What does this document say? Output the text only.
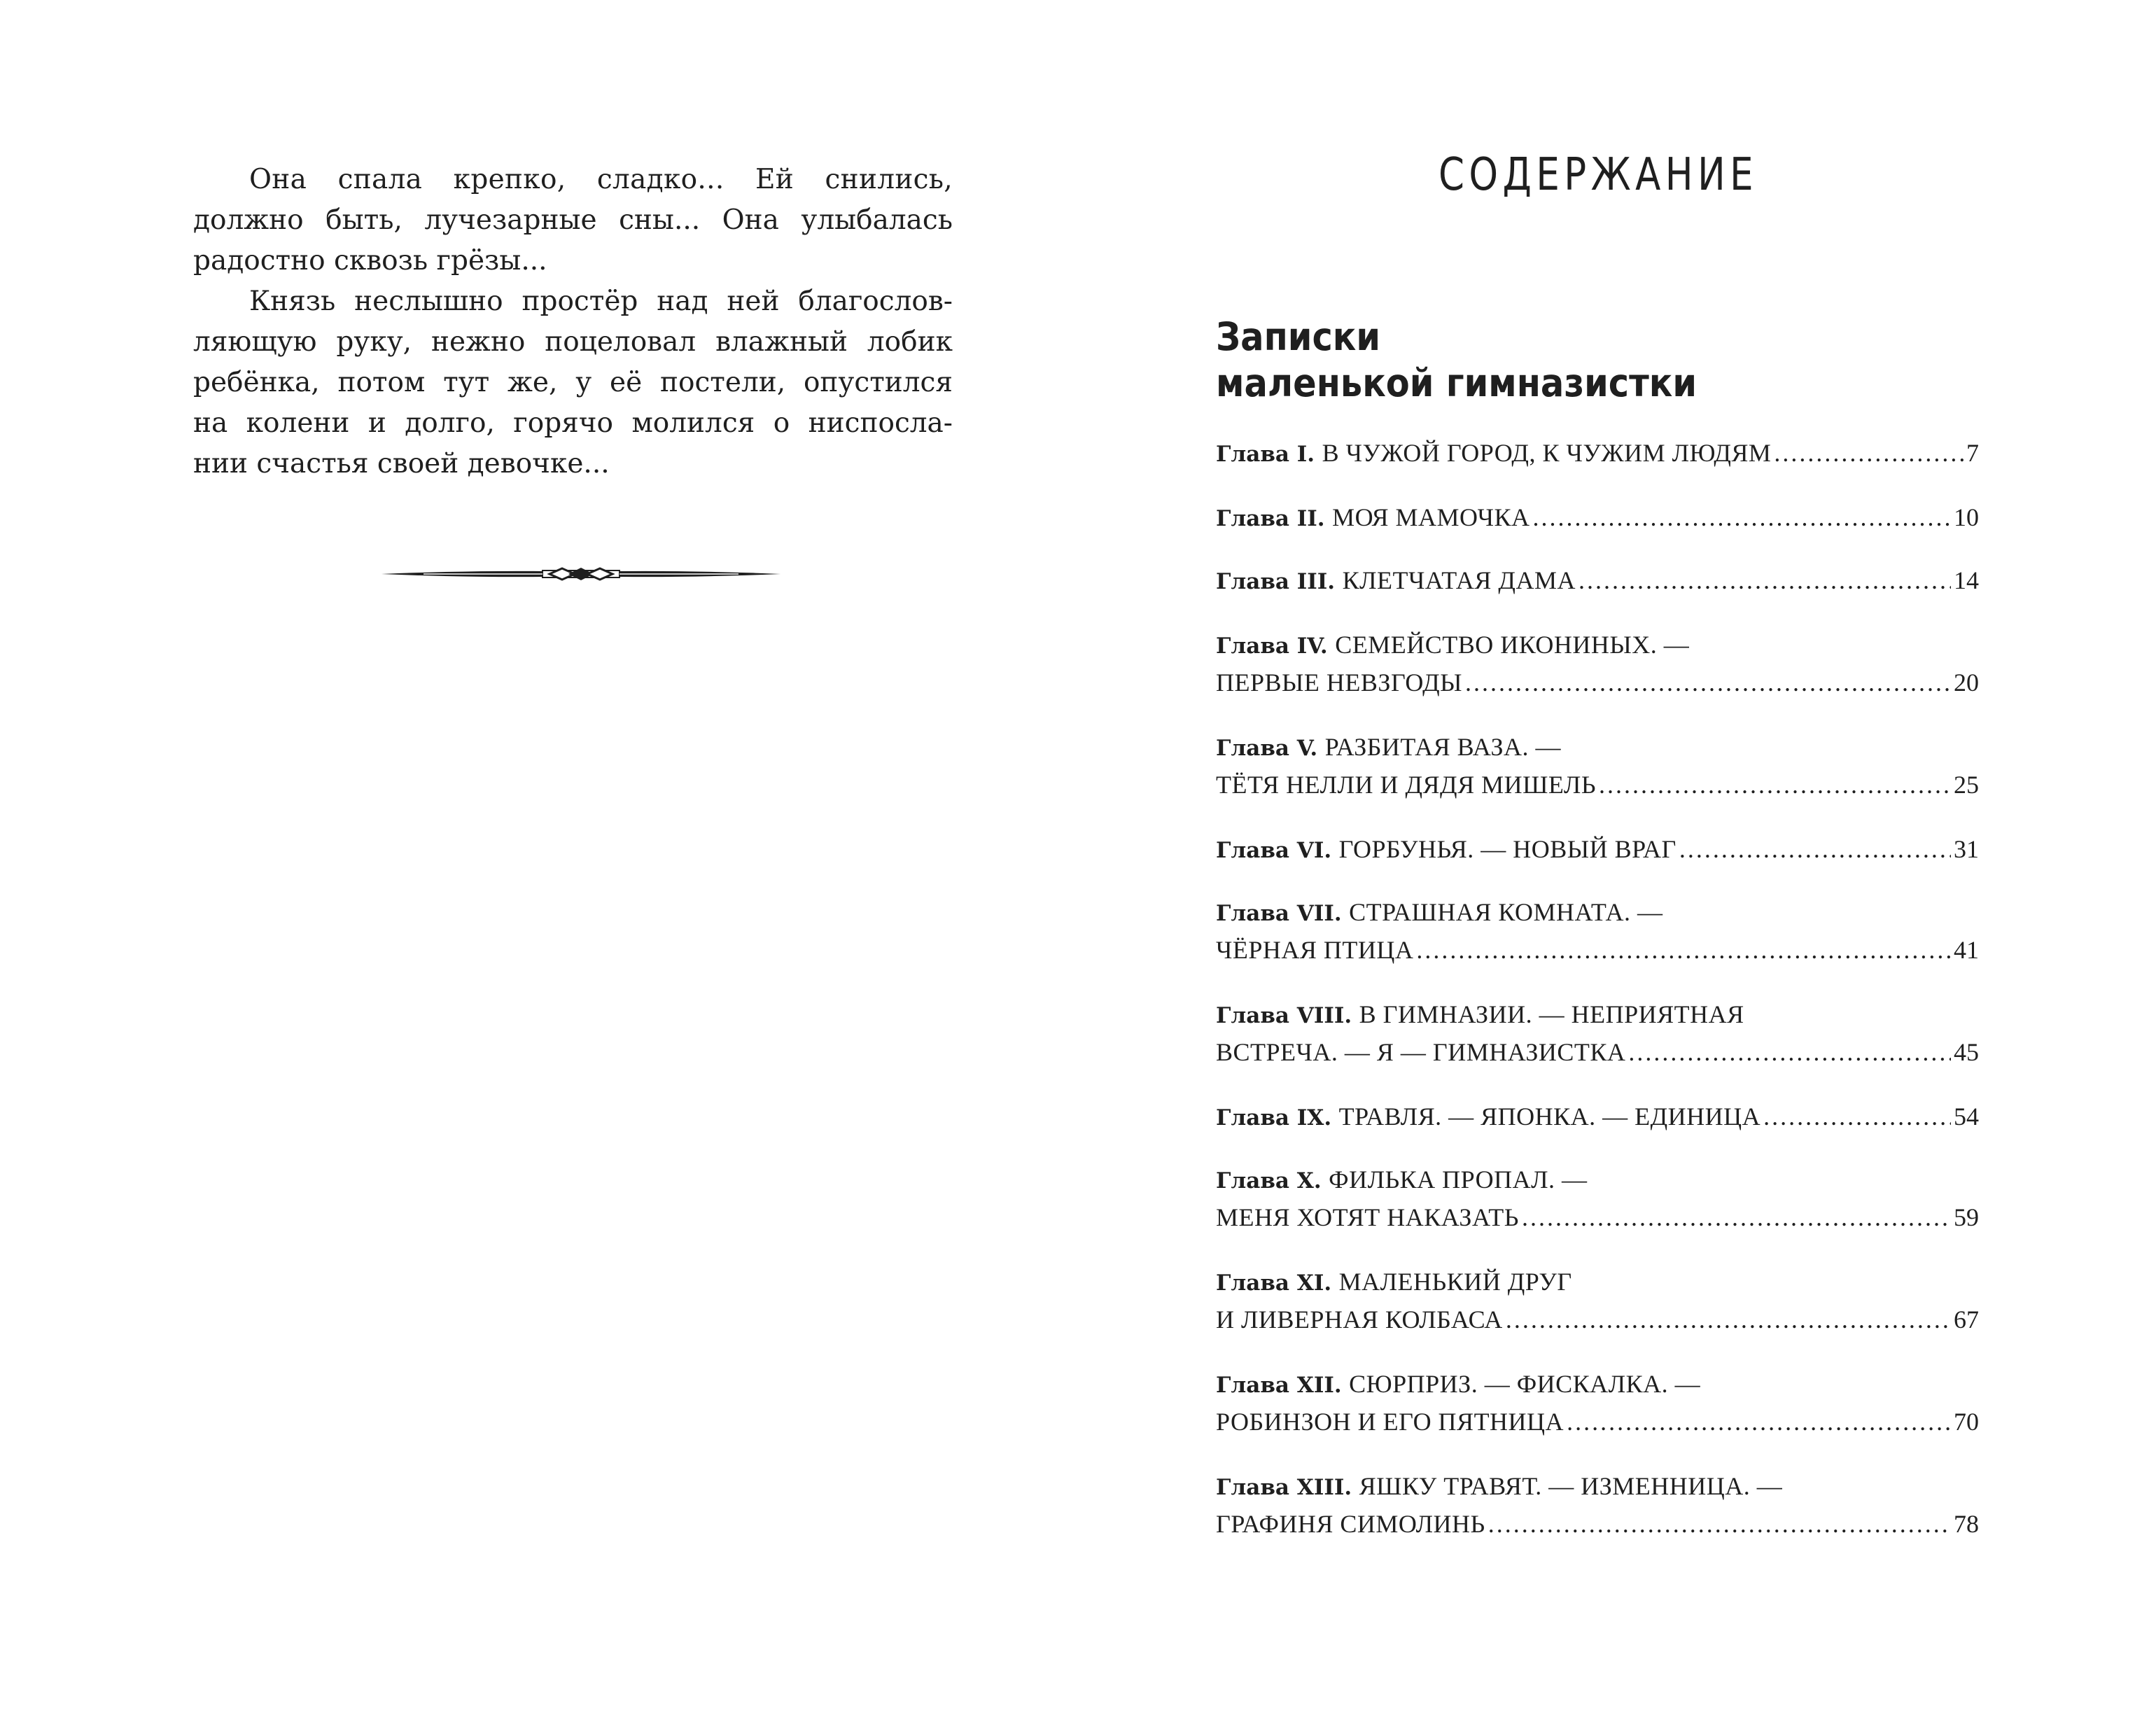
Она спала крепко, сладко... Ей снились,
должно быть, лучезарные сны... Она улыбалась
радостно сквозь грёзы...
Князь неслышно простёр над ней благослов-
ляющую руку, нежно поцеловал влажный лобик
ребёнка, потом тут же, у её постели, опустился
на колени и долго, горячо молился о ниспосла-
нии счастья своей девочке...
СОДЕРЖАНИЕ
Записки
маленькой гимназистки
Глава I.
В ЧУЖОЙ ГОРОД, К ЧУЖИМ ЛЮДЯМ .....	7
Глава II.
МОЯ МАМОЧКА .....	10
Глава III.
КЛЕТЧАТАЯ ДАМА .....	14
Глава IV.
СЕМЕЙСТВО ИКОНИНЫХ. —
ПЕРВЫЕ НЕВЗГОДЫ .....	20
Глава V.
РАЗБИТАЯ ВАЗА. —
ТЁТЯ НЕЛЛИ И ДЯДЯ МИШЕЛЬ .....	25
Глава VI.
ГОРБУНЬЯ. — НОВЫЙ ВРАГ .....	31
Глава VII.
СТРАШНАЯ КОМНАТА. —
ЧЁРНАЯ ПТИЦА .....	41
Глава VIII.
В ГИМНАЗИИ. — НЕПРИЯТНАЯ
ВСТРЕЧА. — Я — ГИМНАЗИСТКА .....	45
Глава IX.
ТРАВЛЯ. — ЯПОНКА. — ЕДИНИЦА .....	54
Глава X.
ФИЛЬКА ПРОПАЛ. —
МЕНЯ ХОТЯТ НАКАЗАТЬ .....	59
Глава XI.
МАЛЕНЬКИЙ ДРУГ
И ЛИВЕРНАЯ КОЛБАСА .....	67
Глава XII.
СЮРПРИЗ. — ФИСКАЛКА. —
РОБИНЗОН И ЕГО ПЯТНИЦА .....	70
Глава XIII.
ЯШКУ ТРАВЯТ. — ИЗМЕННИЦА. —
ГРАФИНЯ СИМОЛИНЬ .....	78
